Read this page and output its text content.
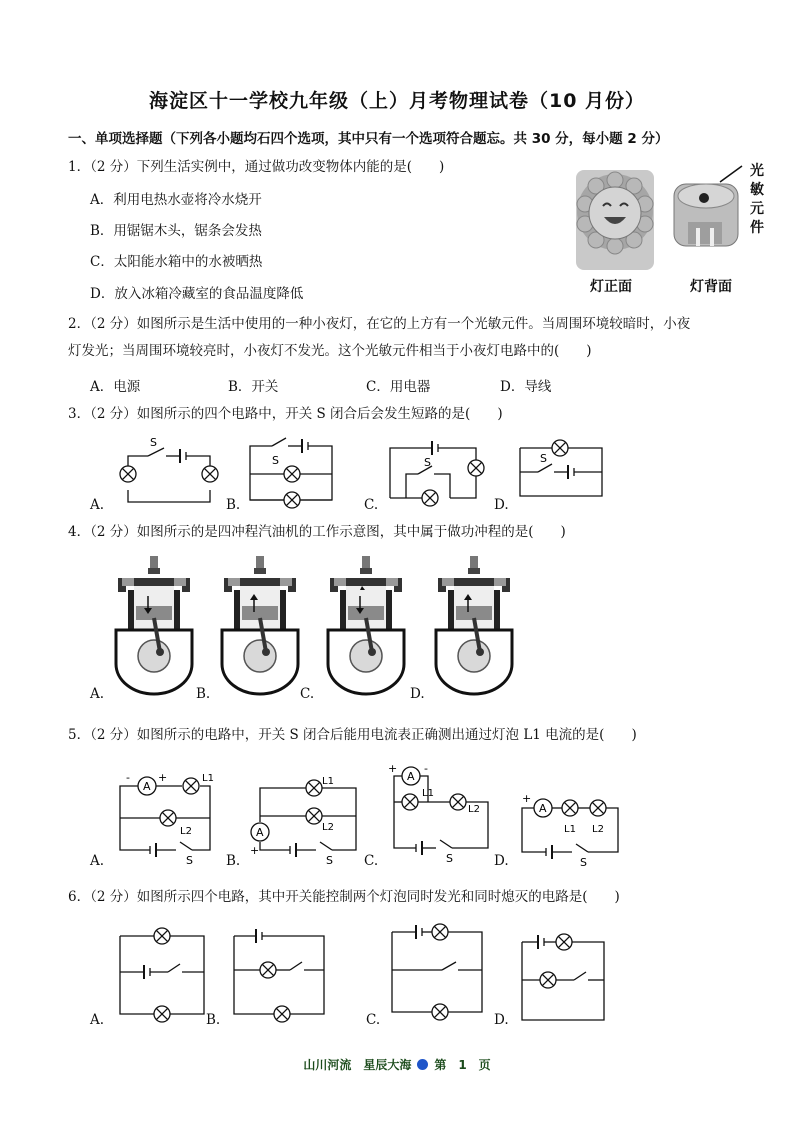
海淀区十一学校九年级（上）月考物理试卷（10 月份）
一、单项选择题（下列各小题均石四个选项，其中只有一个选项符合题忘。共 30 分，每小题 2 分）
1．（2 分）下列生活实例中，通过做功改变物体内能的是(　　)
A．利用电热水壶将冷水烧开
B．用锯锯木头，锯条会发热
C．太阳能水箱中的水被晒热
D．放入冰箱冷藏室的食品温度降低
光
敏
元
件
灯正面	灯背面
2．（2 分）如图所示是生活中使用的一种小夜灯，在它的上方有一个光敏元件。当周围环境较暗时，小夜
灯发光；当周围环境较亮时，小夜灯不发光。这个光敏元件相当于小夜灯电路中的(　　)
A．电源	B．开关	C．用电器	D．导线
3．（2 分）如图所示的四个电路中，开关 S 闭合后会发生短路的是(　　)
S
S	S	S
A.	B.	C.	D.
4．（2 分）如图所示的是四冲程汽油机的工作示意图，其中属于做功冲程的是(　　)
A.	B.	C.	D.
5．（2 分）如图所示的电路中，开关 S 闭合后能用电流表正确测出通过灯泡 L1 电流的是(　　)
A
-	+	L1
L2
S
A
+
L1
L2
S
A
+ -
L1
L2
S
A
+
L1 L2
S
A.	B.	C.	D.
6．（2 分）如图所示四个电路，其中开关能控制两个灯泡同时发光和同时熄灭的电路是(　　)
A.	B.	C.	D.
山川河流　星辰大海 第　1　页
